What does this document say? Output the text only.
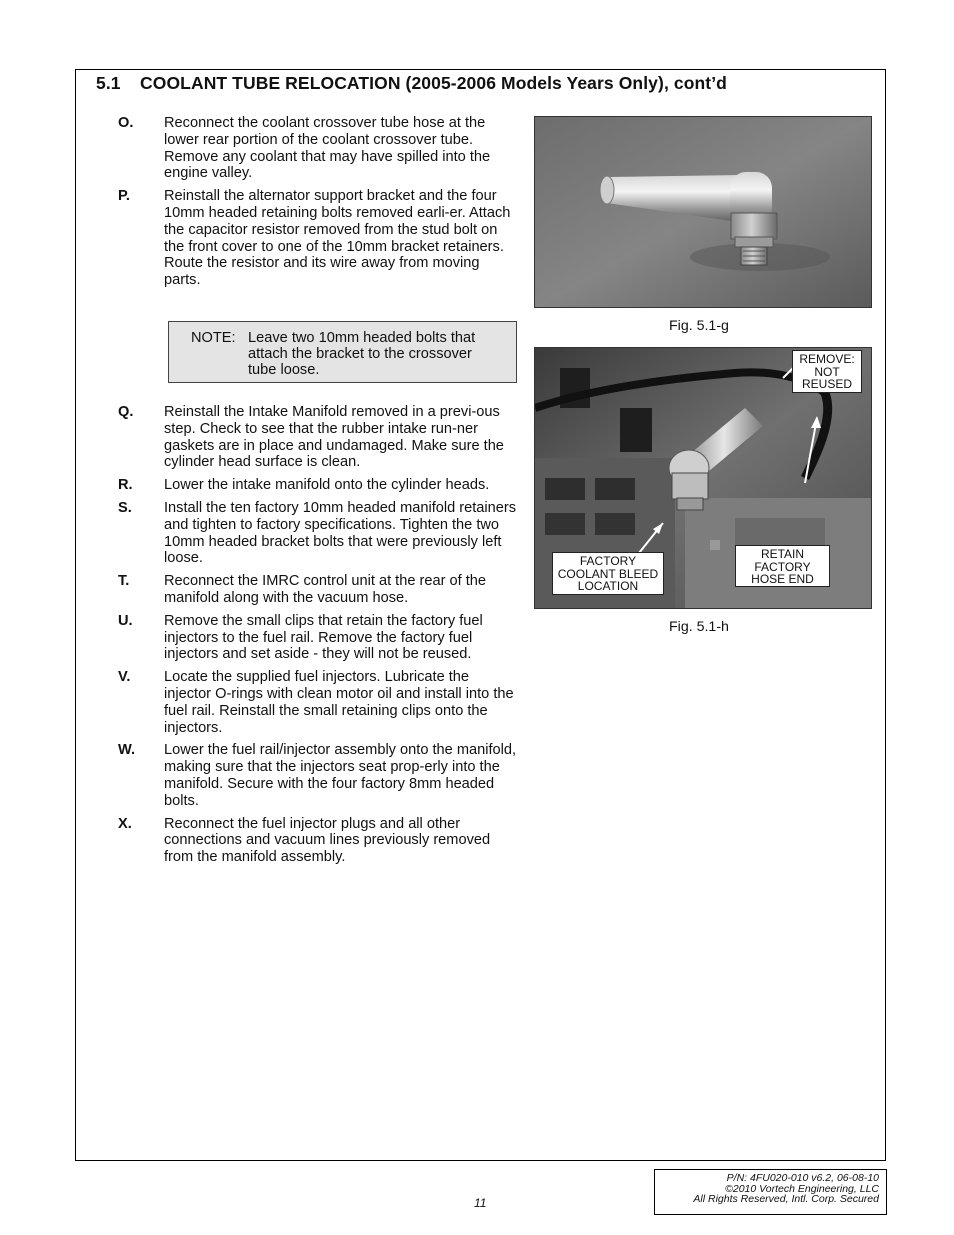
5.1 COOLANT TUBE RELOCATION (2005-2006 Models Years Only), cont’d
O. Reconnect the coolant crossover tube hose at the lower rear portion of the coolant crossover tube. Remove any coolant that may have spilled into the engine valley.
P. Reinstall the alternator support bracket and the four 10mm headed retaining bolts removed earli-er. Attach the capacitor resistor removed from the stud bolt on the front cover to one of the 10mm bracket retainers. Route the resistor and its wire away from moving parts.
NOTE: Leave two 10mm headed bolts that attach the bracket to the crossover tube loose.
Q. Reinstall the Intake Manifold removed in a previ-ous step. Check to see that the rubber intake run-ner gaskets are in place and undamaged. Make sure the cylinder head surface is clean.
R. Lower the intake manifold onto the cylinder heads.
S. Install the ten factory 10mm headed manifold retainers and tighten to factory specifications. Tighten the two 10mm headed bracket bolts that were previously left loose.
T. Reconnect the IMRC control unit at the rear of the manifold along with the vacuum hose.
U. Remove the small clips that retain the factory fuel injectors to the fuel rail. Remove the factory fuel injectors and set aside - they will not be reused.
V. Locate the supplied fuel injectors. Lubricate the injector O-rings with clean motor oil and install into the fuel rail. Reinstall the small retaining clips onto the injectors.
W. Lower the fuel rail/injector assembly onto the manifold, making sure that the injectors seat prop-erly into the manifold. Secure with the four factory 8mm headed bolts.
X. Reconnect the fuel injector plugs and all other connections and vacuum lines previously removed from the manifold assembly.
Fig. 5.1-g
REMOVE: NOT REUSED
FACTORY COOLANT BLEED LOCATION
RETAIN FACTORY HOSE END
Fig. 5.1-h
11
P/N: 4FU020-010 v6.2, 06-08-10
©2010 Vortech Engineering, LLC
All Rights Reserved, Intl. Corp. Secured
